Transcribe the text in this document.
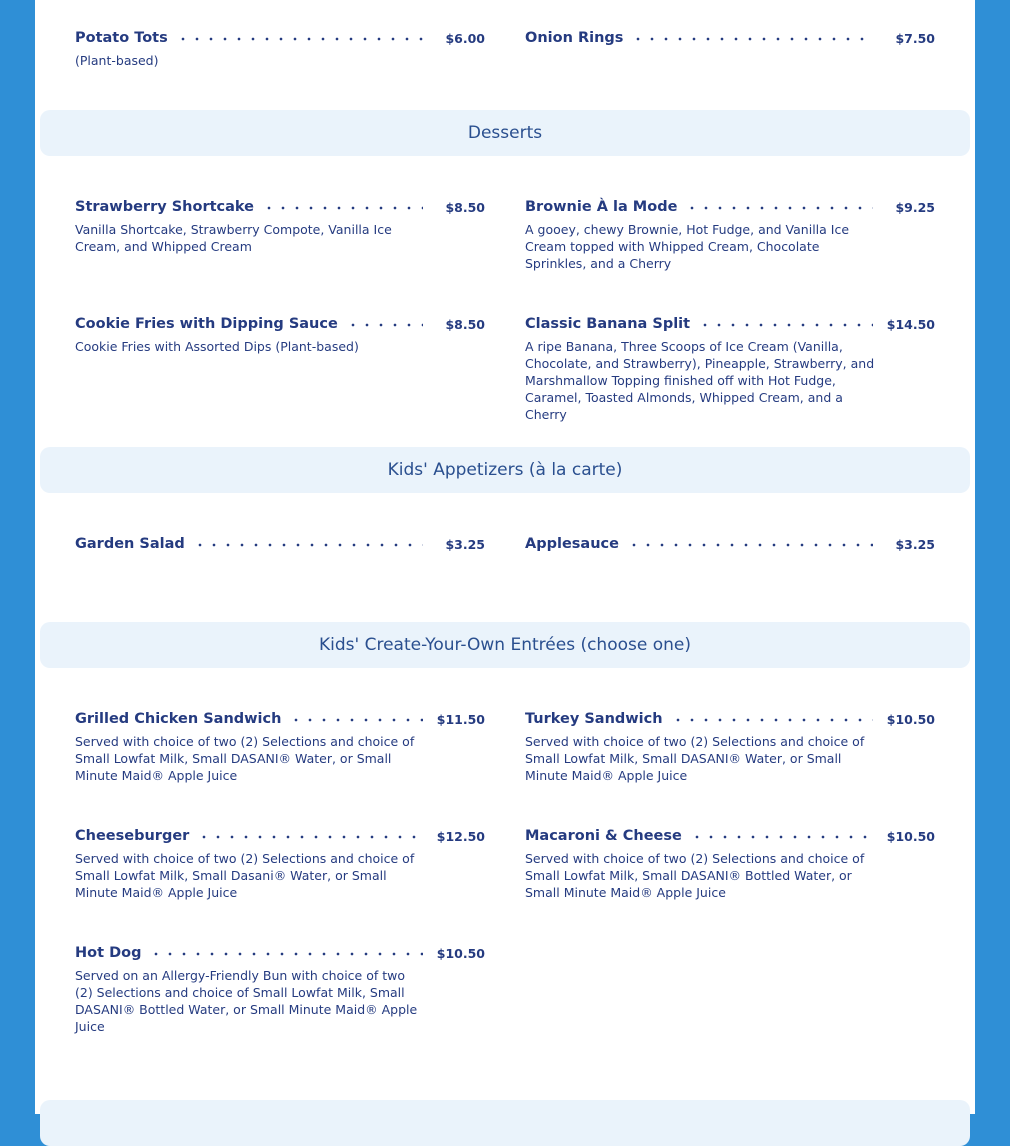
Potato Tots	$6.00
(Plant-based)
Onion Rings	$7.50
Desserts
Strawberry Shortcake	$8.50
Vanilla Shortcake, Strawberry Compote, Vanilla Ice Cream, and Whipped Cream
Brownie À la Mode	$9.25
A gooey, chewy Brownie, Hot Fudge, and Vanilla Ice Cream topped with Whipped Cream, Chocolate Sprinkles, and a Cherry
Cookie Fries with Dipping Sauce	$8.50
Cookie Fries with Assorted Dips (Plant-based)
Classic Banana Split	$14.50
A ripe Banana, Three Scoops of Ice Cream (Vanilla, Chocolate, and Strawberry), Pineapple, Strawberry, and Marshmallow Topping finished off with Hot Fudge, Caramel, Toasted Almonds, Whipped Cream, and a Cherry
Kids' Appetizers (à la carte)
Garden Salad	$3.25	Applesauce	$3.25
Kids' Create-Your-Own Entrées (choose one)
Grilled Chicken Sandwich	$11.50
Served with choice of two (2) Selections and choice of Small Lowfat Milk, Small DASANI® Water, or Small Minute Maid® Apple Juice
Turkey Sandwich	$10.50
Served with choice of two (2) Selections and choice of Small Lowfat Milk, Small DASANI® Water, or Small Minute Maid® Apple Juice
Cheeseburger	$12.50
Served with choice of two (2) Selections and choice of Small Lowfat Milk, Small Dasani® Water, or Small Minute Maid® Apple Juice
Macaroni & Cheese	$10.50
Served with choice of two (2) Selections and choice of Small Lowfat Milk, Small DASANI® Bottled Water, or Small Minute Maid® Apple Juice
Hot Dog	$10.50
Served on an Allergy-Friendly Bun with choice of two (2) Selections and choice of Small Lowfat Milk, Small DASANI® Bottled Water, or Small Minute Maid® Apple Juice
